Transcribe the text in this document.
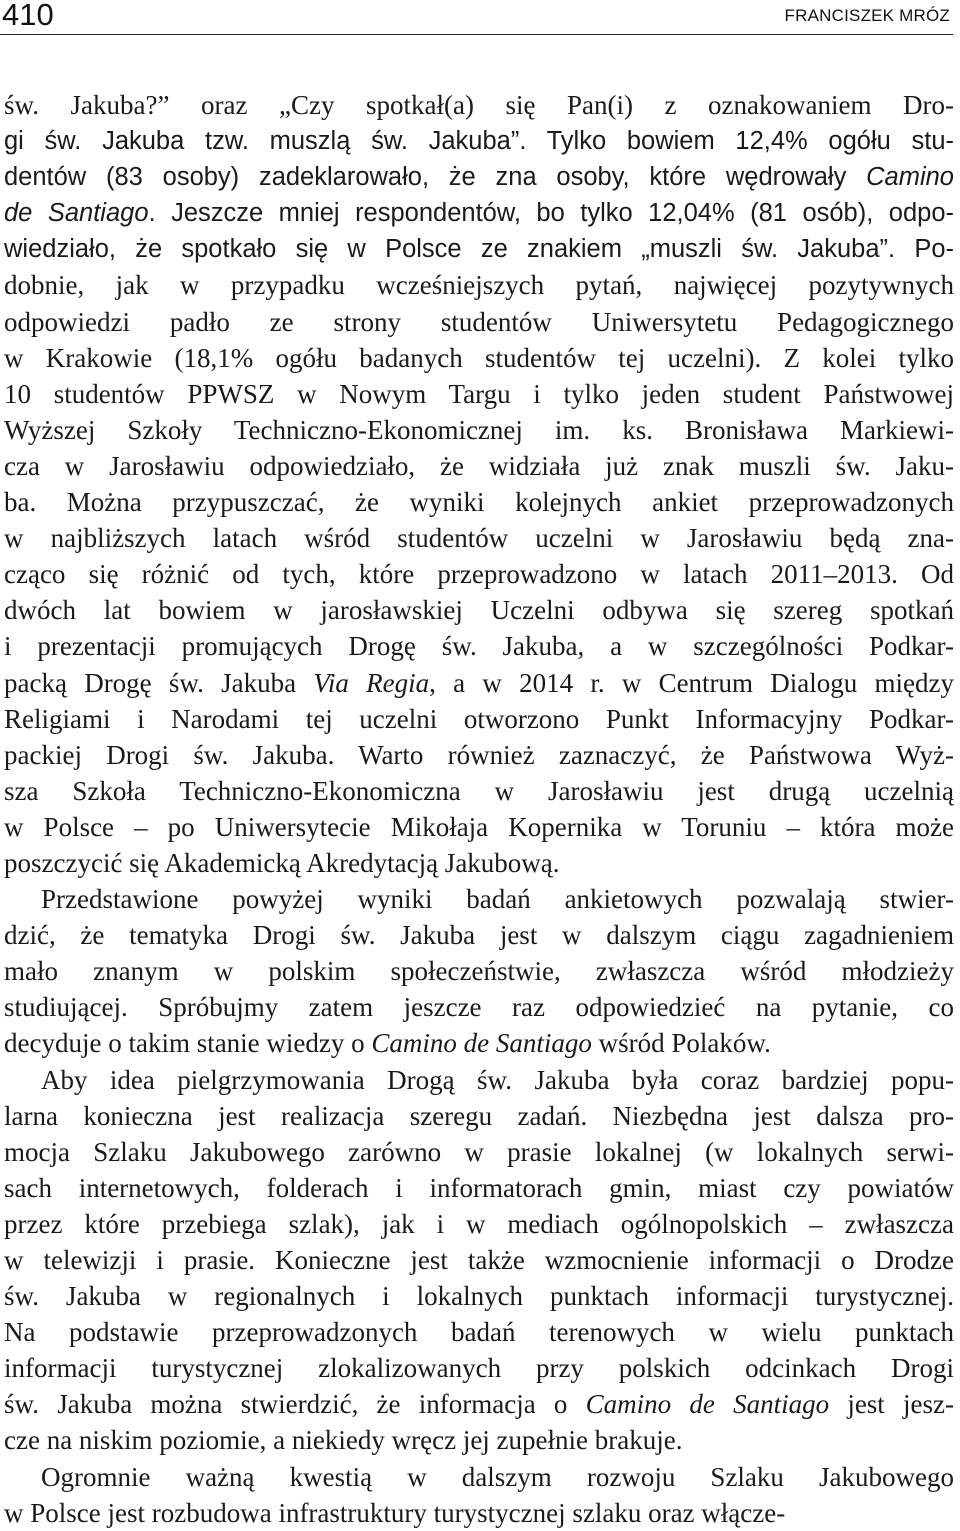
410	FRANCISZEK MRÓZ
św. Jakuba?” oraz „Czy spotkał(a) się Pan(i) z oznakowaniem Dro-
gi św. Jakuba tzw. muszlą św. Jakuba”. Tylko bowiem 12,4% ogółu stu-
dentów (83 osoby) zadeklarowało, że zna osoby, które wędrowały Camino
de Santiago. Jeszcze mniej respondentów, bo tylko 12,04% (81 osób), odpo-
wiedziało, że spotkało się w Polsce ze znakiem „muszli św. Jakuba”. Po-
dobnie, jak w przypadku wcześniejszych pytań, najwięcej pozytywnych
odpowiedzi padło ze strony studentów Uniwersytetu Pedagogicznego
w Krakowie (18,1% ogółu badanych studentów tej uczelni). Z kolei tylko
10 studentów PPWSZ w Nowym Targu i tylko jeden student Państwowej
Wyższej Szkoły Techniczno-Ekonomicznej im. ks. Bronisława Markiewi-
cza w Jarosławiu odpowiedziało, że widziała już znak muszli św. Jaku-
ba. Można przypuszczać, że wyniki kolejnych ankiet przeprowadzonych
w najbliższych latach wśród studentów uczelni w Jarosławiu będą zna-
cząco się różnić od tych, które przeprowadzono w latach 2011‒2013. Od
dwóch lat bowiem w jarosławskiej Uczelni odbywa się szereg spotkań
i prezentacji promujących Drogę św. Jakuba, a w szczególności Podkar-
packą Drogę św. Jakuba Via Regia, a w 2014 r. w Centrum Dialogu między
Religiami i Narodami tej uczelni otworzono Punkt Informacyjny Podkar-
packiej Drogi św. Jakuba. Warto również zaznaczyć, że Państwowa Wyż-
sza Szkoła Techniczno-Ekonomiczna w Jarosławiu jest drugą uczelnią
w Polsce – po Uniwersytecie Mikołaja Kopernika w Toruniu – która może
poszczycić się Akademicką Akredytacją Jakubową.
Przedstawione powyżej wyniki badań ankietowych pozwalają stwier-
dzić, że tematyka Drogi św. Jakuba jest w dalszym ciągu zagadnieniem
mało znanym w polskim społeczeństwie, zwłaszcza wśród młodzieży
studiującej. Spróbujmy zatem jeszcze raz odpowiedzieć na pytanie, co
decyduje o takim stanie wiedzy o Camino de Santiago wśród Polaków.
Aby idea pielgrzymowania Drogą św. Jakuba była coraz bardziej popu-
larna konieczna jest realizacja szeregu zadań. Niezbędna jest dalsza pro-
mocja Szlaku Jakubowego zarówno w prasie lokalnej (w lokalnych serwi-
sach internetowych, folderach i informatorach gmin, miast czy powiatów
przez które przebiega szlak), jak i w mediach ogólnopolskich – zwłaszcza
w telewizji i prasie. Konieczne jest także wzmocnienie informacji o Drodze
św. Jakuba w regionalnych i lokalnych punktach informacji turystycznej.
Na podstawie przeprowadzonych badań terenowych w wielu punktach
informacji turystycznej zlokalizowanych przy polskich odcinkach Drogi
św. Jakuba można stwierdzić, że informacja o Camino de Santiago jest jesz-
cze na niskim poziomie, a niekiedy wręcz jej zupełnie brakuje.
Ogromnie ważną kwestią w dalszym rozwoju Szlaku Jakubowego
w Polsce jest rozbudowa infrastruktury turystycznej szlaku oraz włącze-
